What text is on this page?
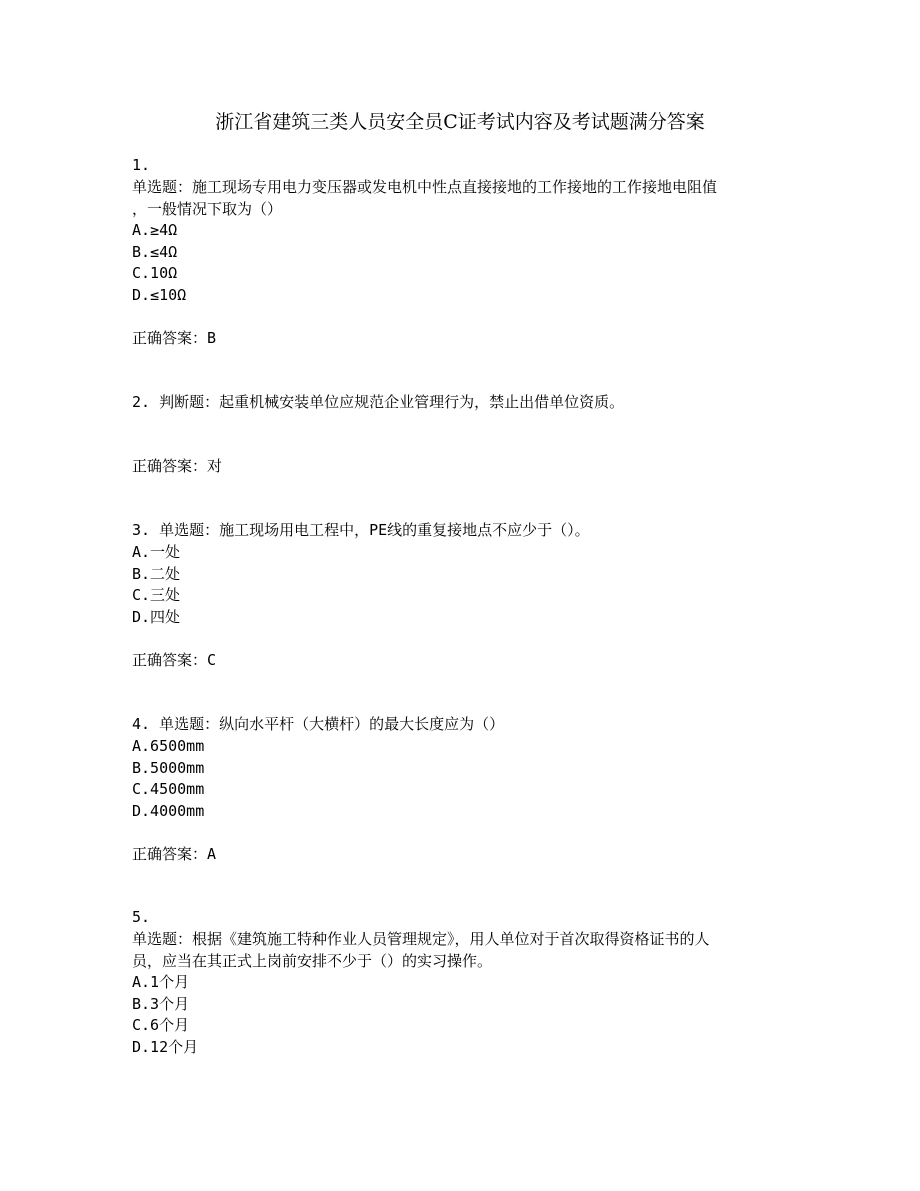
浙江省建筑三类人员安全员C证考试内容及考试题满分答案
1.
单选题：施工现场专用电力变压器或发电机中性点直接接地的工作接地的工作接地电阻值
，一般情况下取为（）
A.≥4Ω
B.≤4Ω
C.10Ω
D.≤10Ω
正确答案：B
2. 判断题：起重机械安装单位应规范企业管理行为，禁止出借单位资质。
正确答案：对
3. 单选题：施工现场用电工程中，PE线的重复接地点不应少于（）。
A.一处
B.二处
C.三处
D.四处
正确答案：C
4. 单选题：纵向水平杆（大横杆）的最大长度应为（）
A.6500mm
B.5000mm
C.4500mm
D.4000mm
正确答案：A
5.
单选题：根据《建筑施工特种作业人员管理规定》，用人单位对于首次取得资格证书的人
员，应当在其正式上岗前安排不少于（）的实习操作。
A.1个月
B.3个月
C.6个月
D.12个月
